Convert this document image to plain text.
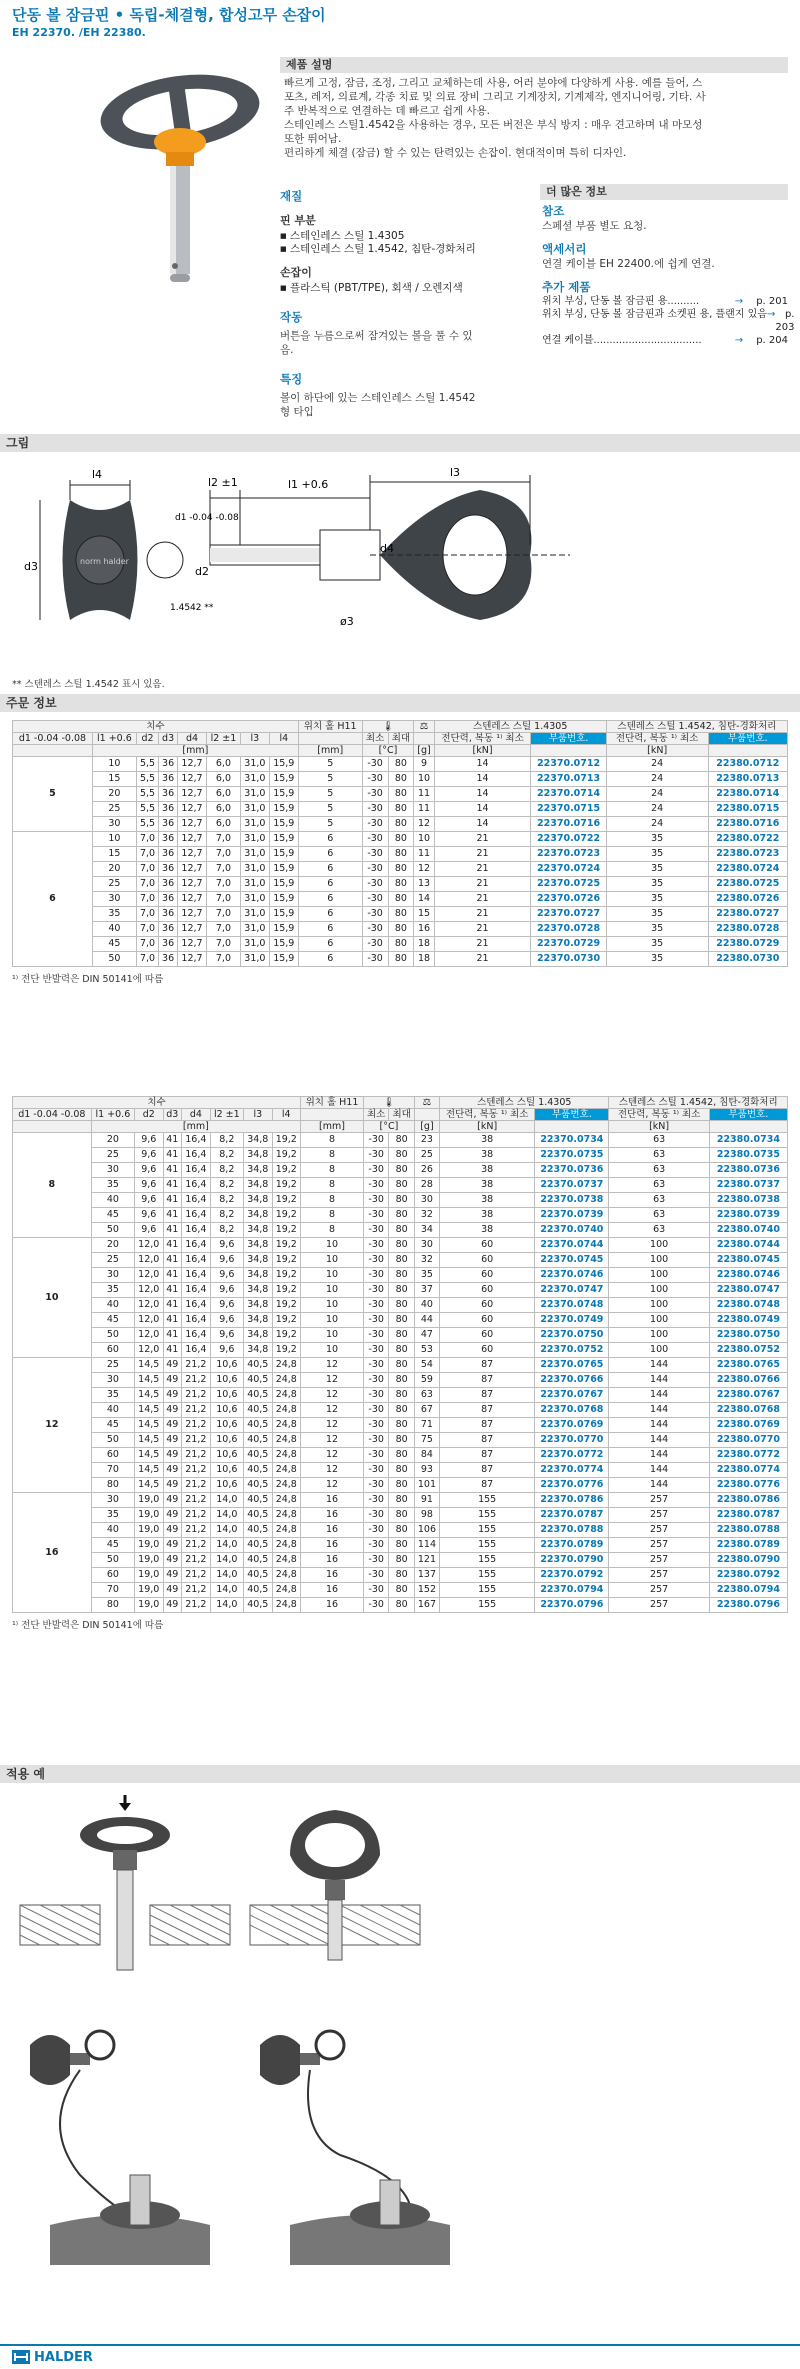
단동 볼 잠금핀 • 독립-체결형, 합성고무 손잡이
EH 22370. /EH 22380.
제품 설명

빠르게 고정, 잠금, 조정, 그리고 교체하는데 사용, 어러 분야에 다양하게 사용. 예를 들어, 스

포츠, 레저, 의료계, 각종 치료 및 의료 장비 그리고 기계장치, 기계제작, 엔지니어링, 기타. 사

주 반복적으로 연결하는 데 빠르고 쉽게 사용.

스테인레스 스틸1.4542을 사용하는 경우, 모든 버전은 부식 방지 : 매우 견고하며 내 마모성

또한 뛰어남.

편리하게 체결 (잠금) 할 수 있는 탄력있는 손잡이. 현대적이며 특히 디자인.

재질

핀 부분

■ 스테인레스 스틸 1.4305
■ 스테인레스 스틸 1.4542, 침탄-경화처리

손잡이

■ 플라스틱 (PBT/TPE), 회색 / 오렌지색

작동

버튼을 누름으로써 잠겨있는 볼을 풀 수 있음.

특징

볼이 하단에 있는 스테인레스 스틸 1.4542 형 타입

더 많은 정보

참조

스페셜 부품 별도 요청.

액세서리

연결 케이블 EH 22400.에 쉽게 연결.

추가 제품

위치 부싱, 단동 볼 잠금핀 용..........	→	p. 201
위치 부싱, 단동 볼 잠금핀과 소켓핀 용, 플랜지 있음 → p. 203
연결 케이블..................................	→	p. 204
그림
l4
d3	norm halder
1.4542 **
l2 ±1	l1 +0.6
l3
d1 -0.04 -0.08
d2
d4
ø3
** 스텐레스 스틸 1.4542 표시 있음.
주문 정보
치수								위치 홀 H11	🌡		⚖	스텐레스 스틸 1.4305		스텐레스 스틸 1.4542, 침탄-경화처리	
d1 -0.04 -0.08	l1 +0.6	d2	d3	d4	l2 ±1	l3	l4		최소	최대		전단력, 복동 ¹⁾ 최소	부품번호.	전단력, 복동 ¹⁾ 최소	부품번호.
	[mm]							[mm]	[°C]		[g]	[kN]		[kN]	
5	10	5,5	36	12,7	6,0	31,0	15,9	5	-30	80	9	14	22370.0712	24	22380.0712
	15	5,5	36	12,7	6,0	31,0	15,9	5	-30	80	10	14	22370.0713	24	22380.0713
	20	5,5	36	12,7	6,0	31,0	15,9	5	-30	80	11	14	22370.0714	24	22380.0714
	25	5,5	36	12,7	6,0	31,0	15,9	5	-30	80	11	14	22370.0715	24	22380.0715
	30	5,5	36	12,7	6,0	31,0	15,9	5	-30	80	12	14	22370.0716	24	22380.0716
6	10	7,0	36	12,7	7,0	31,0	15,9	6	-30	80	10	21	22370.0722	35	22380.0722
	15	7,0	36	12,7	7,0	31,0	15,9	6	-30	80	11	21	22370.0723	35	22380.0723
	20	7,0	36	12,7	7,0	31,0	15,9	6	-30	80	12	21	22370.0724	35	22380.0724
	25	7,0	36	12,7	7,0	31,0	15,9	6	-30	80	13	21	22370.0725	35	22380.0725
	30	7,0	36	12,7	7,0	31,0	15,9	6	-30	80	14	21	22370.0726	35	22380.0726
	35	7,0	36	12,7	7,0	31,0	15,9	6	-30	80	15	21	22370.0727	35	22380.0727
	40	7,0	36	12,7	7,0	31,0	15,9	6	-30	80	16	21	22370.0728	35	22380.0728
	45	7,0	36	12,7	7,0	31,0	15,9	6	-30	80	18	21	22370.0729	35	22380.0729
	50	7,0	36	12,7	7,0	31,0	15,9	6	-30	80	18	21	22370.0730	35	22380.0730
치수								위치 홀 H11	🌡		⚖	스텐레스 스틸 1.4305		스텐레스 스틸 1.4542, 침탄-경화처리	
d1 -0.04 -0.08	l1 +0.6	d2	d3	d4	l2 ±1	l3	l4		최소	최대		전단력, 복동 ¹⁾ 최소	부품번호.	전단력, 복동 ¹⁾ 최소	부품번호.
	[mm]							[mm]	[°C]		[g]	[kN]		[kN]	
8	20	9,6	41	16,4	8,2	34,8	19,2	8	-30	80	23	38	22370.0734	63	22380.0734
	25	9,6	41	16,4	8,2	34,8	19,2	8	-30	80	25	38	22370.0735	63	22380.0735
	30	9,6	41	16,4	8,2	34,8	19,2	8	-30	80	26	38	22370.0736	63	22380.0736
	35	9,6	41	16,4	8,2	34,8	19,2	8	-30	80	28	38	22370.0737	63	22380.0737
	40	9,6	41	16,4	8,2	34,8	19,2	8	-30	80	30	38	22370.0738	63	22380.0738
	45	9,6	41	16,4	8,2	34,8	19,2	8	-30	80	32	38	22370.0739	63	22380.0739
	50	9,6	41	16,4	8,2	34,8	19,2	8	-30	80	34	38	22370.0740	63	22380.0740
10	20	12,0	41	16,4	9,6	34,8	19,2	10	-30	80	30	60	22370.0744	100	22380.0744
	25	12,0	41	16,4	9,6	34,8	19,2	10	-30	80	32	60	22370.0745	100	22380.0745
	30	12,0	41	16,4	9,6	34,8	19,2	10	-30	80	35	60	22370.0746	100	22380.0746
	35	12,0	41	16,4	9,6	34,8	19,2	10	-30	80	37	60	22370.0747	100	22380.0747
	40	12,0	41	16,4	9,6	34,8	19,2	10	-30	80	40	60	22370.0748	100	22380.0748
	45	12,0	41	16,4	9,6	34,8	19,2	10	-30	80	44	60	22370.0749	100	22380.0749
	50	12,0	41	16,4	9,6	34,8	19,2	10	-30	80	47	60	22370.0750	100	22380.0750
	60	12,0	41	16,4	9,6	34,8	19,2	10	-30	80	53	60	22370.0752	100	22380.0752
12	25	14,5	49	21,2	10,6	40,5	24,8	12	-30	80	54	87	22370.0765	144	22380.0765
	30	14,5	49	21,2	10,6	40,5	24,8	12	-30	80	59	87	22370.0766	144	22380.0766
	35	14,5	49	21,2	10,6	40,5	24,8	12	-30	80	63	87	22370.0767	144	22380.0767
	40	14,5	49	21,2	10,6	40,5	24,8	12	-30	80	67	87	22370.0768	144	22380.0768
	45	14,5	49	21,2	10,6	40,5	24,8	12	-30	80	71	87	22370.0769	144	22380.0769
	50	14,5	49	21,2	10,6	40,5	24,8	12	-30	80	75	87	22370.0770	144	22380.0770
	60	14,5	49	21,2	10,6	40,5	24,8	12	-30	80	84	87	22370.0772	144	22380.0772
	70	14,5	49	21,2	10,6	40,5	24,8	12	-30	80	93	87	22370.0774	144	22380.0774
	80	14,5	49	21,2	10,6	40,5	24,8	12	-30	80	101	87	22370.0776	144	22380.0776
16	30	19,0	49	21,2	14,0	40,5	24,8	16	-30	80	91	155	22370.0786	257	22380.0786
	35	19,0	49	21,2	14,0	40,5	24,8	16	-30	80	98	155	22370.0787	257	22380.0787
	40	19,0	49	21,2	14,0	40,5	24,8	16	-30	80	106	155	22370.0788	257	22380.0788
	45	19,0	49	21,2	14,0	40,5	24,8	16	-30	80	114	155	22370.0789	257	22380.0789
	50	19,0	49	21,2	14,0	40,5	24,8	16	-30	80	121	155	22370.0790	257	22380.0790
	60	19,0	49	21,2	14,0	40,5	24,8	16	-30	80	137	155	22370.0792	257	22380.0792
	70	19,0	49	21,2	14,0	40,5	24,8	16	-30	80	152	155	22370.0794	257	22380.0794
	80	19,0	49	21,2	14,0	40,5	24,8	16	-30	80	167	155	22370.0796	257	22380.0796
¹⁾ 전단 반발력은 DIN 50141에 따름
¹⁾ 전단 반발력은 DIN 50141에 따름
적용 예
HALDER
